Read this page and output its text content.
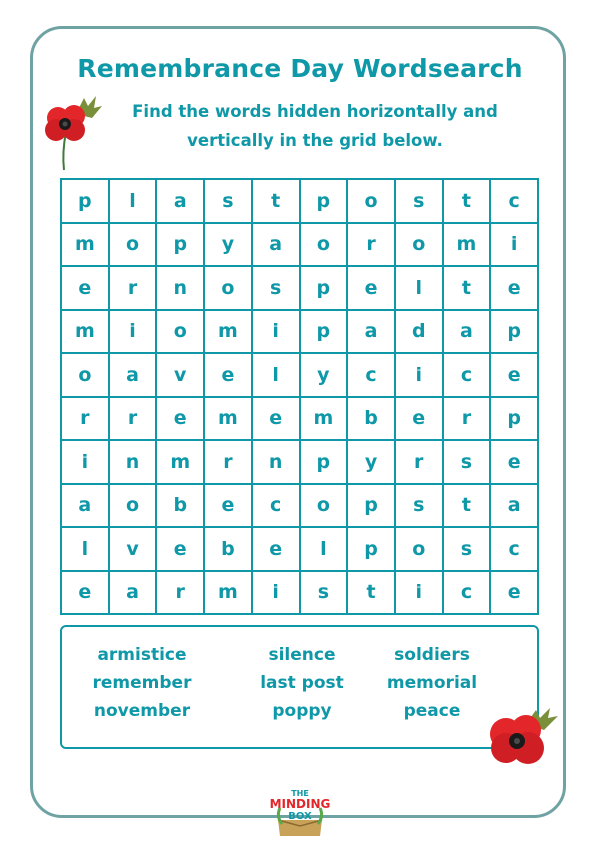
Remembrance Day Wordsearch
Find the words hidden horizontally and
vertically in the grid below.
p	l	a	s	t	p	o	s	t	c
m	o	p	y	a	o	r	o	m	i
e	r	n	o	s	p	e	l	t	e
m	i	o	m	i	p	a	d	a	p
o	a	v	e	l	y	c	i	c	e
r	r	e	m	e	m	b	e	r	p
i	n	m	r	n	p	y	r	s	e
a	o	b	e	c	o	p	s	t	a
l	v	e	b	e	l	p	o	s	c
e	a	r	m	i	s	t	i	c	e
armistice
remember
november
silence
last post
poppy
soldiers
memorial
peace
THE
MINDING
BOX
